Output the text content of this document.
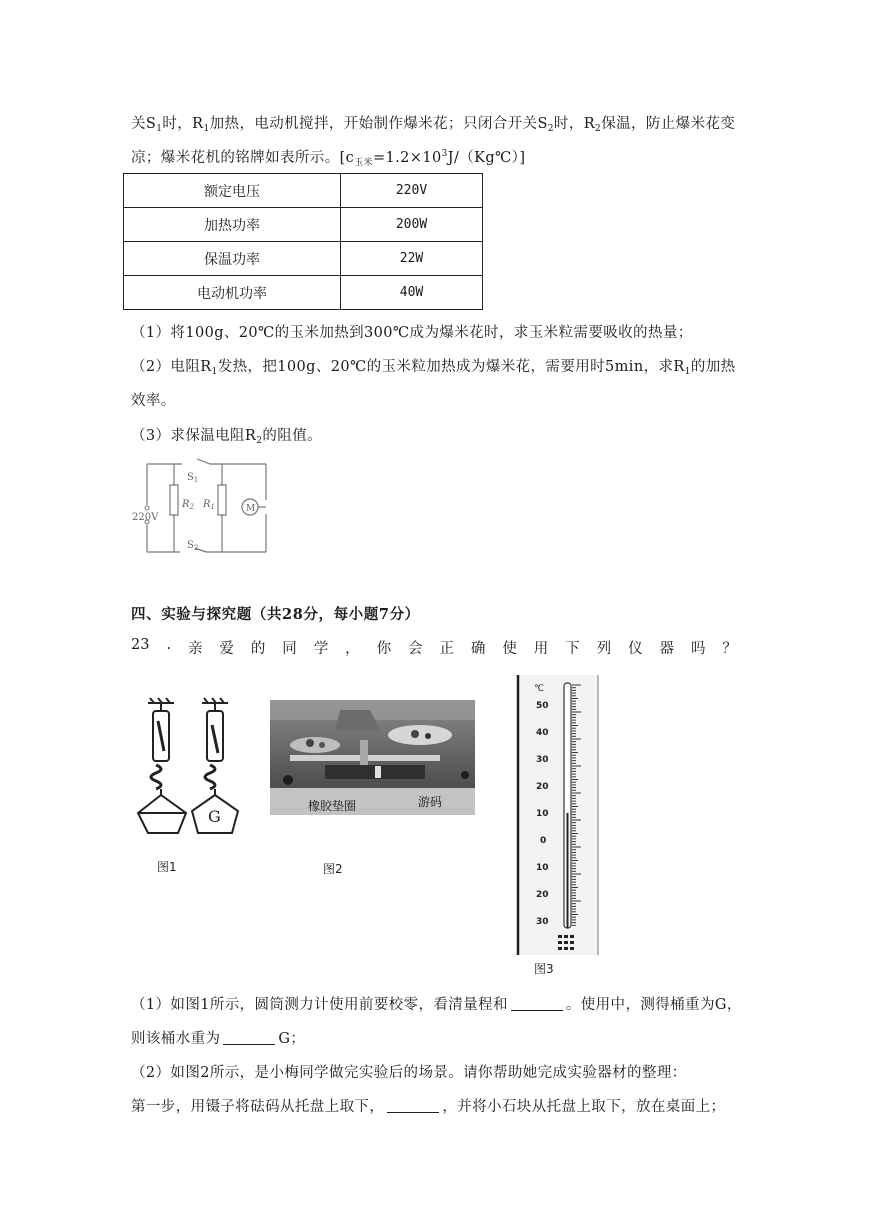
关$S_1$时，$R_1$加热，电动机搅拌，开始制作爆米花；只闭合开关$S_2$时，$R_2$保温，防止爆米花变
凉；爆米花机的铭牌如表所示。$[c_{玉米}=1.2\times 10^3J/(Kg℃)]$
额定电压	220V
加热功率	200W
保温功率	22W
电动机功率	40W
（1）将100g、20℃的玉米加热到300℃成为爆米花时，求玉米粒需要吸收的热量；
（2）电阻$R_1$发热，把100g、20℃的玉米粒加热成为爆米花，需要用时5min，求$R_1$的加热
效率。
（3）求保温电阻$R_2$的阻值。
$S_1$
$S_2$
$R_2$ $R_1$
220V
M
四、实验与探究题（共28分，每小题7分）
23 . 亲 爱 的 同 学 ， 你 会 正 确 使 用 下 列 仪 器 吗 ？
G
图1
橡胶垫圈	游码
图2
℃
50
40
30
20
10
0
10
20
30
图3
（1）如图1所示，圆筒测力计使用前要校零，看清量程和	。使用中，测得桶重为G，
则该桶水重为	G；
（2）如图2所示，是小梅同学做完实验后的场景。请你帮助她完成实验器材的整理：
第一步，用镊子将砝码从托盘上取下，	，并将小石块从托盘上取下，放在桌面上；
